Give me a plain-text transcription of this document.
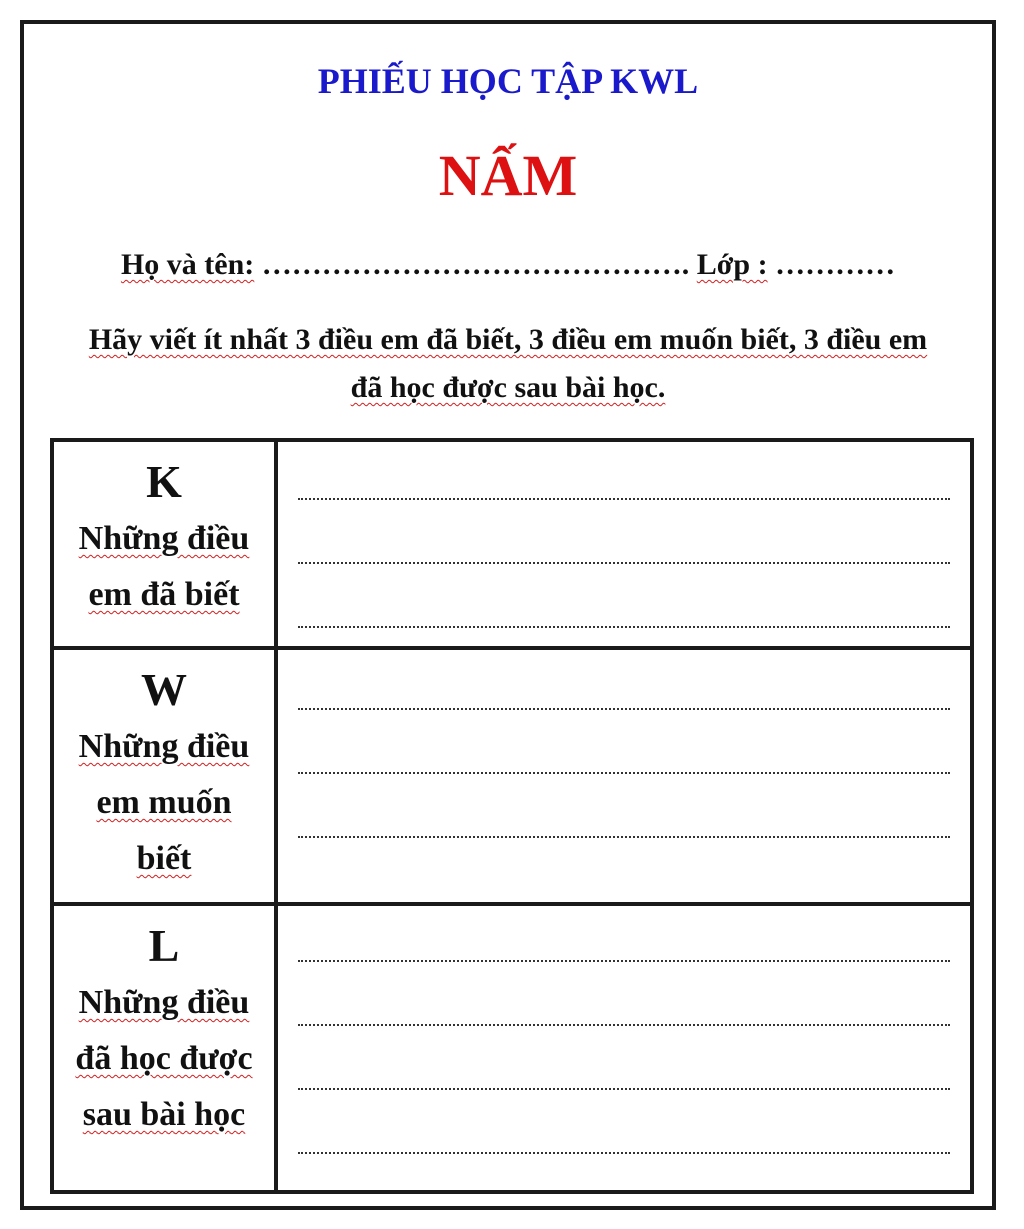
PHIẾU HỌC TẬP KWL
NẤM
Họ và tên: ……………………………………. Lớp : …………
Hãy viết ít nhất 3 điều em đã biết, 3 điều em muốn biết, 3 điều em
đã học được sau bài học.
K
Những điều
em đã biết
W
Những điều
em muốn
biết
L
Những điều
đã học được
sau bài học
